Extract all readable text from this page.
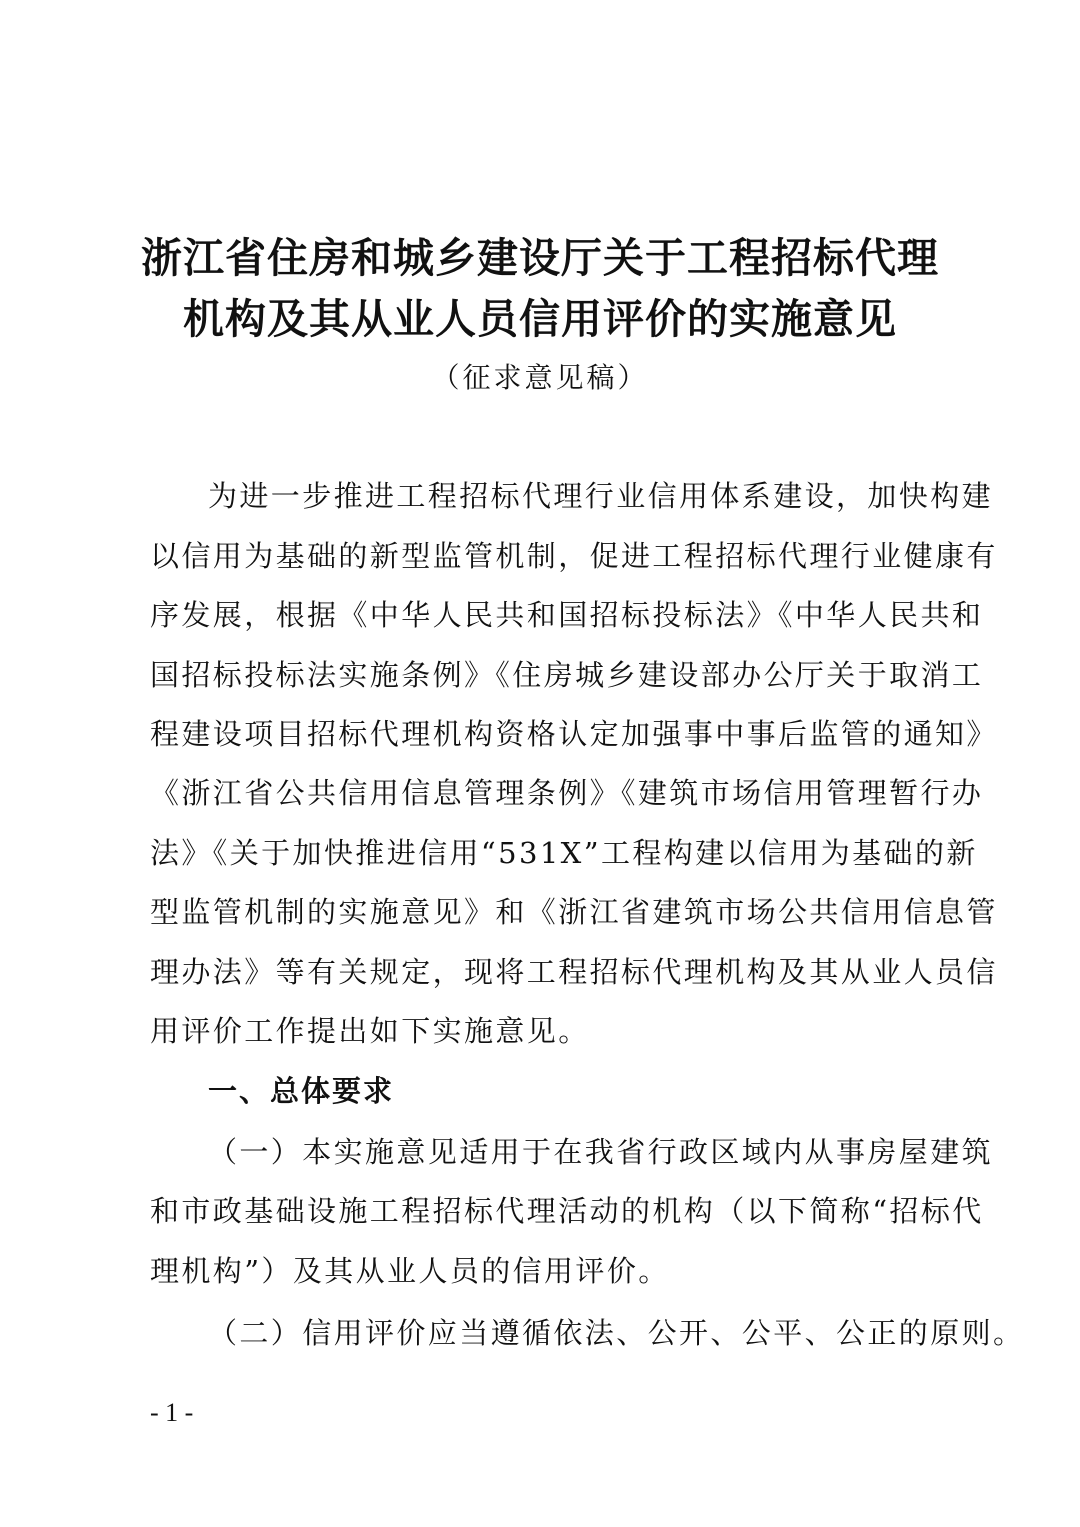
浙江省住房和城乡建设厅关于工程招标代理
机构及其从业人员信用评价的实施意见
（征求意见稿）
为进一步推进工程招标代理行业信用体系建设，加快构建
以信用为基础的新型监管机制，促进工程招标代理行业健康有
序发展，根据《中华人民共和国招标投标法》《中华人民共和
国招标投标法实施条例》《住房城乡建设部办公厅关于取消工
程建设项目招标代理机构资格认定加强事中事后监管的通知》
《浙江省公共信用信息管理条例》《建筑市场信用管理暂行办
法》《关于加快推进信用“531X”工程构建以信用为基础的新
型监管机制的实施意见》和《浙江省建筑市场公共信用信息管
理办法》等有关规定，现将工程招标代理机构及其从业人员信
用评价工作提出如下实施意见。
一、总体要求
（一）本实施意见适用于在我省行政区域内从事房屋建筑
和市政基础设施工程招标代理活动的机构（以下简称“招标代
理机构”）及其从业人员的信用评价。
（二）信用评价应当遵循依法、公开、公平、公正的原则。
- 1 -
